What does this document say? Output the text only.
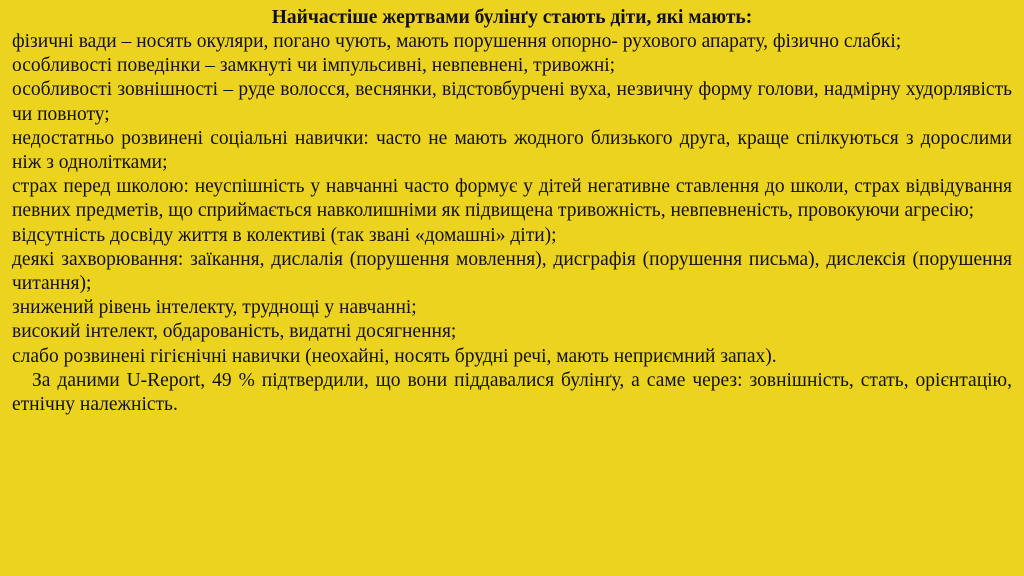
Найчастіше жертвами булінґу стають діти, які мають:

фізичні вади – носять окуляри, погано чують, мають порушення опорно- рухового апарату, фізично слабкі;

особливості поведінки – замкнуті чи імпульсивні, невпевнені, тривожні;

особливості зовнішності – руде волосся, веснянки, відстовбурчені вуха, незвичну форму голови, надмірну худорлявість чи повноту;

недостатньо розвинені соціальні навички: часто не мають жодного близького друга, краще спілкуються з дорослими ніж з однолітками;

страх перед школою: неуспішність у навчанні часто формує у дітей негативне ставлення до школи, страх відвідування певних предметів, що сприймається навколишніми як підвищена тривожність, невпевненість, провокуючи агресію;

відсутність досвіду життя в колективі (так звані «домашні» діти);

деякі захворювання: заїкання, дислалія (порушення мовлення), дисграфія (порушення письма), дислексія (порушення читання);

знижений рівень інтелекту, труднощі у навчанні;

високий інтелект, обдарованість, видатні досягнення;

слабо розвинені гігієнічні навички (неохайні, носять брудні речі, мають неприємний запах).

За даними U-Report, 49 % підтвердили, що вони піддавалися булінґу, а саме через: зовнішність, стать, орієнтацію, етнічну належність.
